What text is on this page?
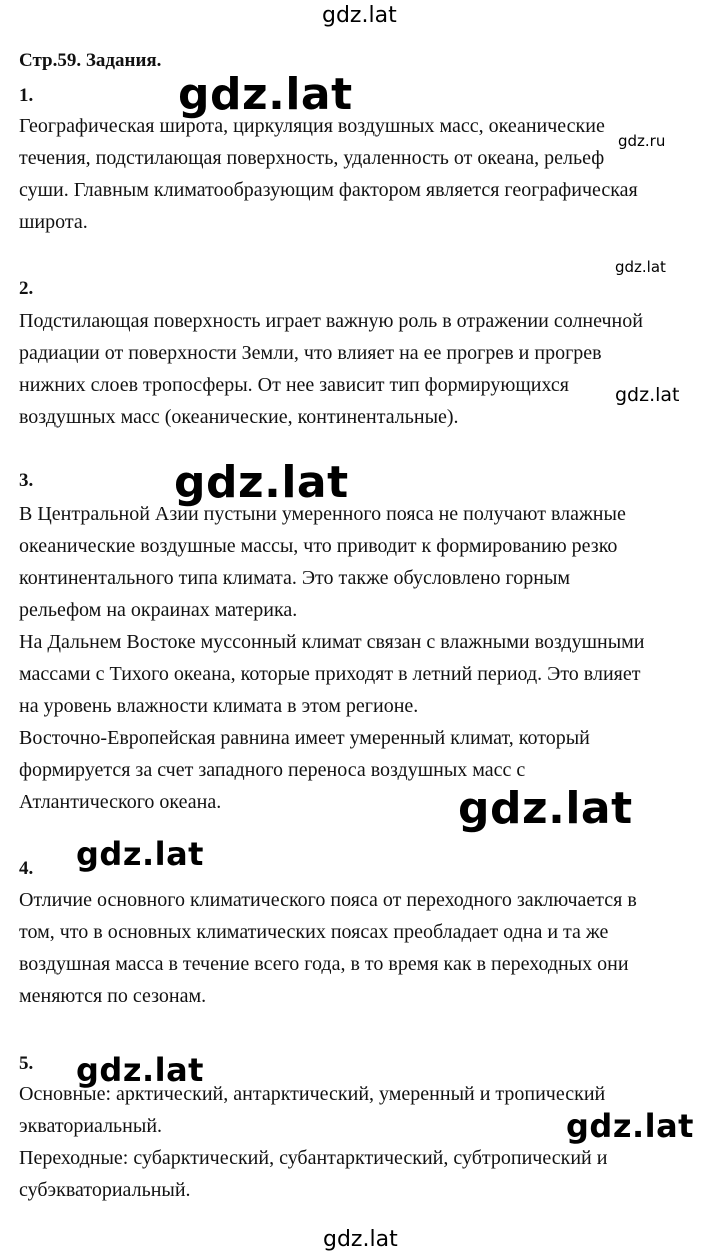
gdz.lat
gdz.lat
gdz.ru
gdz.lat
gdz.lat
gdz.lat
gdz.lat
gdz.lat
gdz.lat
gdz.lat
gdz.lat
Стр.59. Задания.
1.
Географическая широта, циркуляция воздушных масс, океанические
течения, подстилающая поверхность, удаленность от океана, рельеф
суши. Главным климатообразующим фактором является географическая
широта.
2.
Подстилающая поверхность играет важную роль в отражении солнечной
радиации от поверхности Земли, что влияет на ее прогрев и прогрев
нижних слоев тропосферы. От нее зависит тип формирующихся
воздушных масс (океанические, континентальные).
3.
В Центральной Азии пустыни умеренного пояса не получают влажные
океанические воздушные массы, что приводит к формированию резко
континентального типа климата. Это также обусловлено горным
рельефом на окраинах материка.
На Дальнем Востоке муссонный климат связан с влажными воздушными
массами с Тихого океана, которые приходят в летний период. Это влияет
на уровень влажности климата в этом регионе.
Восточно-Европейская равнина имеет умеренный климат, который
формируется за счет западного переноса воздушных масс с
Атлантического океана.
4.
Отличие основного климатического пояса от переходного заключается в
том, что в основных климатических поясах преобладает одна и та же
воздушная масса в течение всего года, в то время как в переходных они
меняются по сезонам.
5.
Основные: арктический, антарктический, умеренный и тропический
экваториальный.
Переходные: субарктический, субантарктический, субтропический и
субэкваториальный.
